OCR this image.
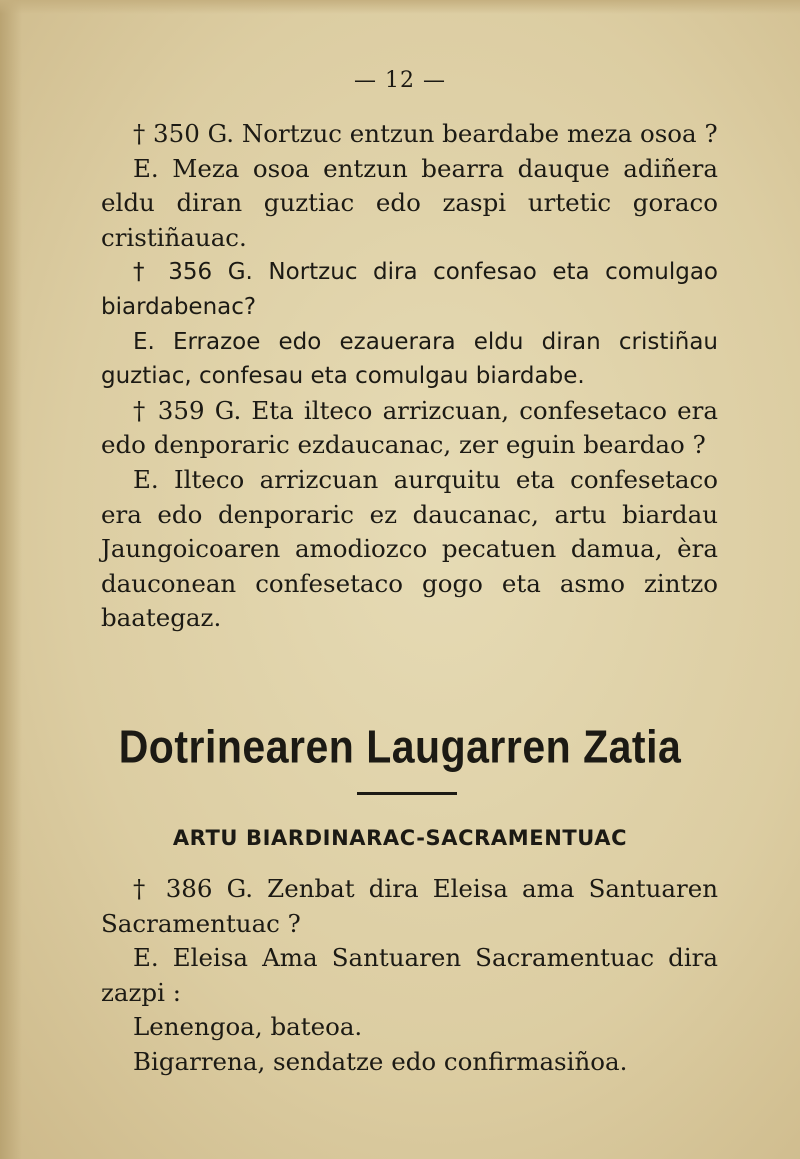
— 12 —

† 350 G. Nortzuc entzun beardabe meza osoa ?

E. Meza osoa entzun bearra dauque adiñera eldu diran guztiac edo zaspi urtetic goraco cristiñauac.

† 356 G. Nortzuc dira confesao eta comulgao biardabenac?

E. Errazoe edo ezauerara eldu diran cristiñau guztiac, confesau eta comulgau biardabe.

† 359 G. Eta ilteco arrizcuan, confesetaco era edo denporaric ezdaucanac, zer eguin beardao ?

E. Ilteco arrizcuan aurquitu eta confesetaco era edo denporaric ez daucanac, artu biardau Jaungoicoaren amodiozco pecatuen damua, èra dauconean confesetaco gogo eta asmo zintzo baategaz.

Dotrinearen Laugarren Zatia
ARTU BIARDINARAC-SACRAMENTUAC

† 386 G. Zenbat dira Eleisa ama Santuaren Sacramentuac ?

E. Eleisa Ama Santuaren Sacramentuac dira zazpi :

Lenengoa, bateoa.

Bigarrena, sendatze edo confirmasiñoa.
